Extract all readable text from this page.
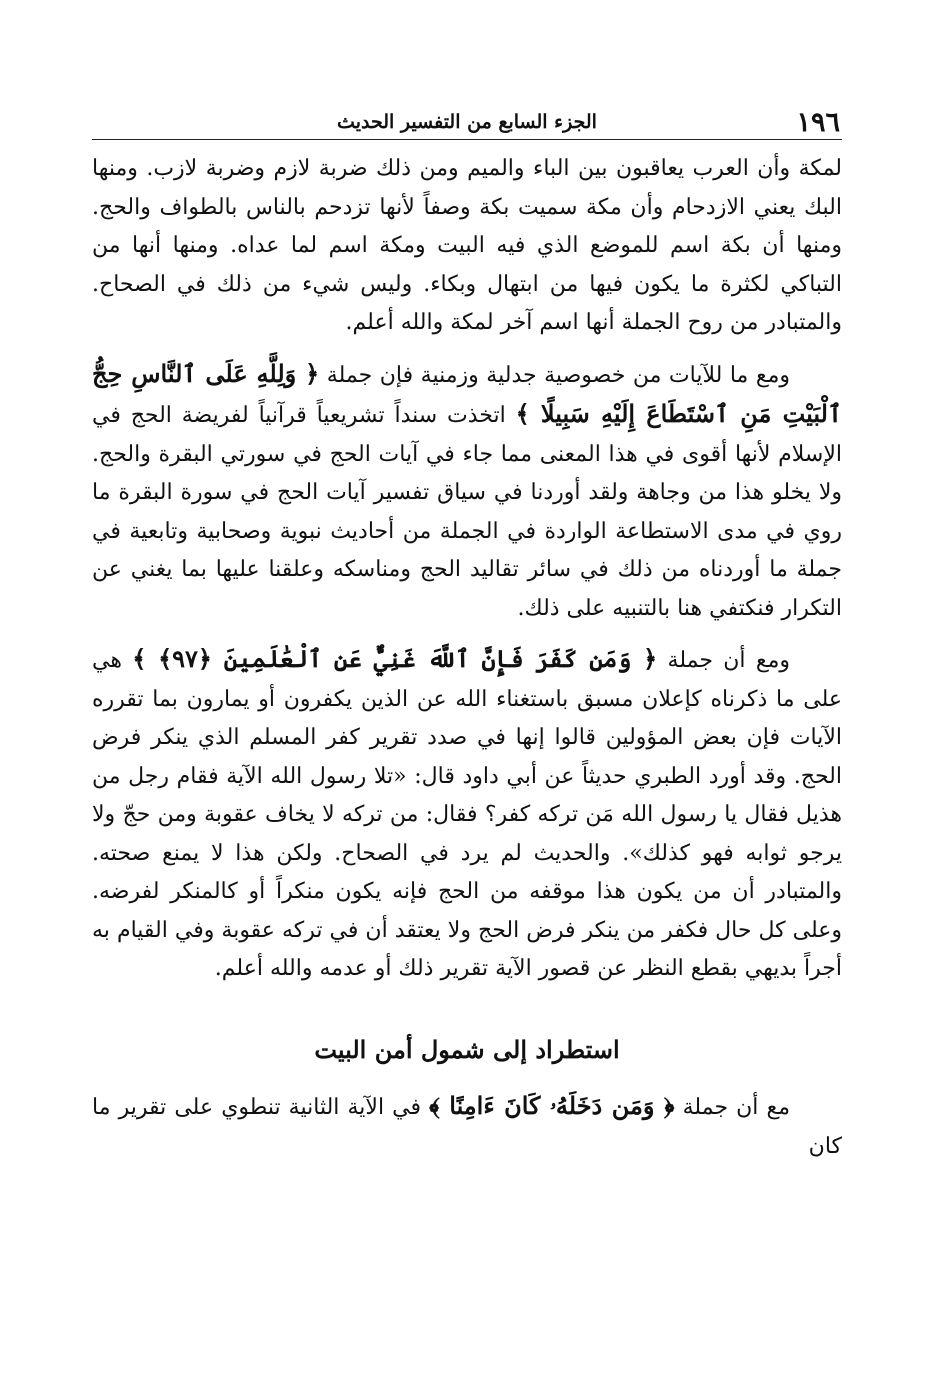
١٩٦
الجزء السابع من التفسير الحديث

لمكة وأن العرب يعاقبون بين الباء والميم ومن ذلك ضربة لازم وضربة لازب. ومنها البك يعني الازدحام وأن مكة سميت بكة وصفاً لأنها تزدحم بالناس بالطواف والحج. ومنها أن بكة اسم للموضع الذي فيه البيت ومكة اسم لما عداه. ومنها أنها من التباكي لكثرة ما يكون فيها من ابتهال وبكاء. وليس شيء من ذلك في الصحاح. والمتبادر من روح الجملة أنها اسم آخر لمكة والله أعلم.

ومع ما للآيات من خصوصية جدلية وزمنية فإن جملة ﴿ وَلِلَّهِ عَلَى ٱلنَّاسِ حِجُّ ٱلْبَيْتِ مَنِ ٱسْتَطَاعَ إِلَيْهِ سَبِيلًا ﴾ اتخذت سنداً تشريعياً قرآنياً لفريضة الحج في الإسلام لأنها أقوى في هذا المعنى مما جاء في آيات الحج في سورتي البقرة والحج. ولا يخلو هذا من وجاهة ولقد أوردنا في سياق تفسير آيات الحج في سورة البقرة ما روي في مدى الاستطاعة الواردة في الجملة من أحاديث نبوية وصحابية وتابعية في جملة ما أوردناه من ذلك في سائر تقاليد الحج ومناسكه وعلقنا عليها بما يغني عن التكرار فنكتفي هنا بالتنبيه على ذلك.

ومع أن جملة ﴿ وَمَن كَفَرَ فَإِنَّ ٱللَّهَ غَنِيٌّ عَنِ ٱلْعَٰلَمِينَ ﴿٩٧﴾ ﴾ هي على ما ذكرناه كإعلان مسبق باستغناء الله عن الذين يكفرون أو يمارون بما تقرره الآيات فإن بعض المؤولين قالوا إنها في صدد تقرير كفر المسلم الذي ينكر فرض الحج. وقد أورد الطبري حديثاً عن أبي داود قال: «تلا رسول الله الآية فقام رجل من هذيل فقال يا رسول الله مَن تركه كفر؟ فقال: من تركه لا يخاف عقوبة ومن حجّ ولا يرجو ثوابه فهو كذلك». والحديث لم يرد في الصحاح. ولكن هذا لا يمنع صحته. والمتبادر أن من يكون هذا موقفه من الحج فإنه يكون منكراً أو كالمنكر لفرضه. وعلى كل حال فكفر من ينكر فرض الحج ولا يعتقد أن في تركه عقوبة وفي القيام به أجراً بديهي بقطع النظر عن قصور الآية تقرير ذلك أو عدمه والله أعلم.

استطراد إلى شمول أمن البيت

مع أن جملة ﴿ وَمَن دَخَلَهُۥ كَانَ ءَامِنًا ﴾ في الآية الثانية تنطوي على تقرير ما كان
